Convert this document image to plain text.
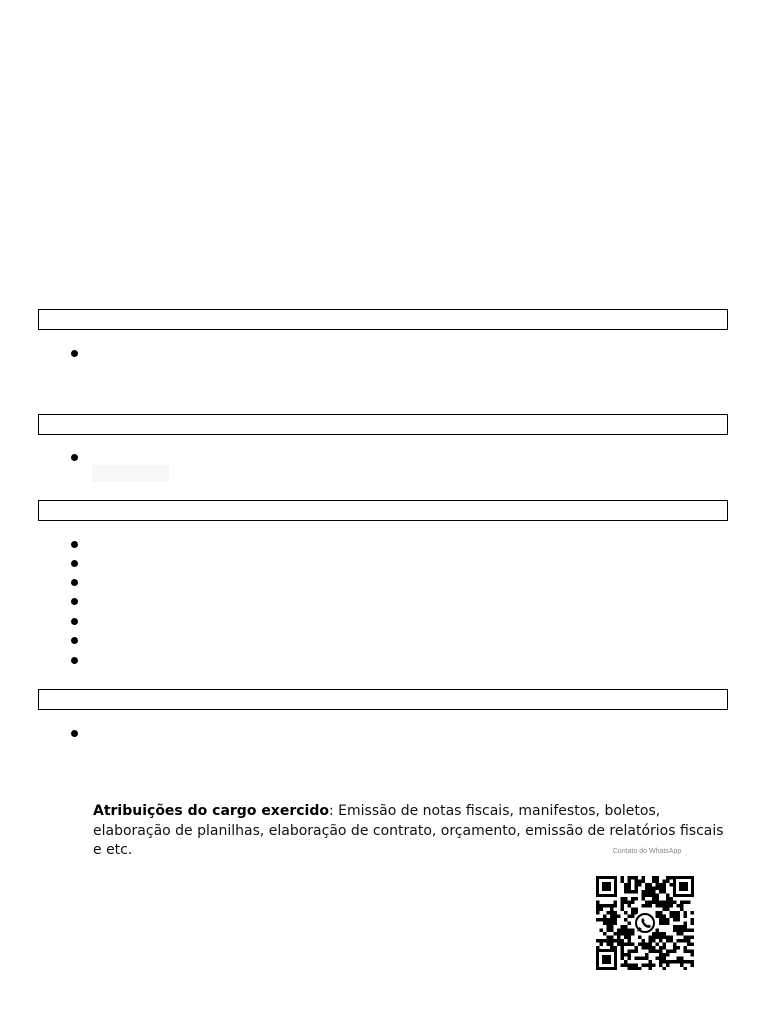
Atribuições do cargo exercido: Emissão de notas fiscais, manifestos, boletos, elaboração de planilhas, elaboração de contrato, orçamento, emissão de relatórios fiscais e etc.	Contato do WhatsApp
